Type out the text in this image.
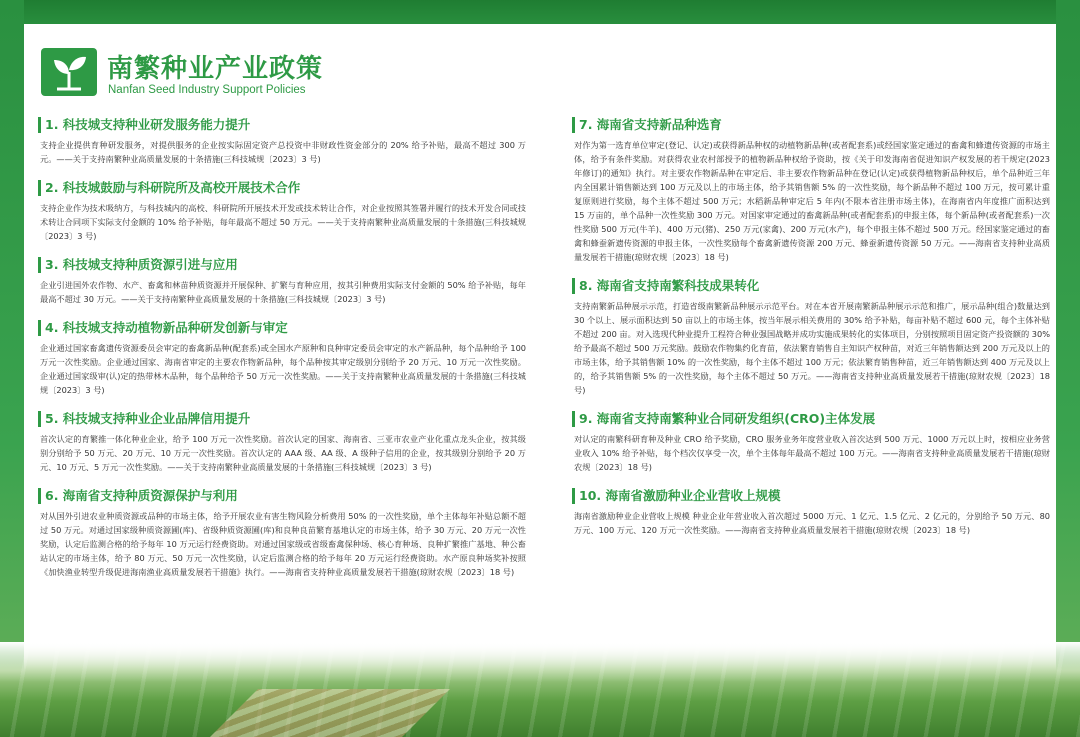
南繁种业产业政策
Nanfan Seed Industry Support Policies
1. 科技城支持种业研发服务能力提升
支持企业提供育种研发服务，对提供服务的企业按实际固定资产总投资中非财政性资金部分的 20% 给予补贴，最高不超过 300 万元。——关于支持南繁种业高质量发展的十条措施(三科技城规〔2023〕3 号)
2. 科技城鼓励与科研院所及高校开展技术合作
支持企业作为技术吸纳方，与科技城内的高校、科研院所开展技术开发或技术转让合作，对企业按照其签署并履行的技术开发合同或技术转让合同项下实际支付金额的 10% 给予补贴，每年最高不超过 50 万元。——关于支持南繁种业高质量发展的十条措施(三科技城规〔2023〕3 号)
3. 科技城支持种质资源引进与应用
企业引进国外农作物、水产、畜禽和林苗种质资源并开展保种、扩繁与育种应用，按其引种费用实际支付金额的 50% 给予补贴，每年最高不超过 30 万元。——关于支持南繁种业高质量发展的十条措施(三科技城规〔2023〕3 号)
4. 科技城支持动植物新品种研发创新与审定
企业通过国家畜禽遗传资源委员会审定的畜禽新品种(配套系)或全国水产原种和良种审定委员会审定的水产新品种，每个品种给予 100 万元一次性奖励。企业通过国家、海南省审定的主要农作物新品种，每个品种按其审定级别分别给予 20 万元、10 万元一次性奖励。企业通过国家级审(认)定的热带林木品种，每个品种给予 50 万元一次性奖励。——关于支持南繁种业高质量发展的十条措施(三科技城规〔2023〕3 号)
5. 科技城支持种业企业品牌信用提升
首次认定的育繁推一体化种业企业，给予 100 万元一次性奖励。首次认定的国家、海南省、三亚市农业产业化重点龙头企业，按其级别分别给予 50 万元、20 万元、10 万元一次性奖励。首次认定的 AAA 级、AA 级、A 级种子信用的企业，按其级别分别给予 20 万元、10 万元、5 万元一次性奖励。——关于支持南繁种业高质量发展的十条措施(三科技城规〔2023〕3 号)
6. 海南省支持种质资源保护与利用
对从国外引进农业种质资源或品种的市场主体，给予开展农业有害生物风险分析费用 50% 的一次性奖励，单个主体每年补贴总额不超过 50 万元。对通过国家级种质资源圃(库)、省级种质资源圃(库)和良种良苗繁育基地认定的市场主体，给予 30 万元、20 万元一次性奖励，认定后监测合格的给予每年 10 万元运行经费资助。对通过国家级或省级畜禽保种场、核心育种场、良种扩繁推广基地、种公畜站认定的市场主体，给予 80 万元、50 万元一次性奖励，认定后监测合格的给予每年 20 万元运行经费资助。水产原良种场奖补按照《加快渔业转型升级促进海南渔业高质量发展若干措施》执行。——海南省支持种业高质量发展若干措施(琼财农规〔2023〕18 号)
7. 海南省支持新品种选育
对作为第一选育单位审定(登记、认定)或获得新品种权的动植物新品种(或者配套系)或经国家鉴定通过的畜禽和蜂遗传资源的市场主体，给予有条件奖励。对获得农业农村部授予的植物新品种权给予资助，按《关于印发海南省促进知识产权发展的若干规定(2023 年修订)的通知》执行。对主要农作物新品种在审定后、非主要农作物新品种在登记(认定)或获得植物新品种权后，单个品种近三年内全国累计销售额达到 100 万元及以上的市场主体，给予其销售额 5% 的一次性奖励，每个新品种不超过 100 万元，按可累计重复原则进行奖励，每个主体不超过 500 万元；水稻新品种审定后 5 年内(不限本省注册市场主体)，在海南省内年度推广面积达到 15 万亩的，单个品种一次性奖励 300 万元。对国家审定通过的畜禽新品种(或者配套系)的申报主体，每个新品种(或者配套系)一次性奖励 500 万元(牛羊)、400 万元(猪)、250 万元(家禽)、200 万元(水产)，每个申报主体不超过 500 万元。经国家鉴定通过的畜禽和蜂蚕新遗传资源的申报主体，一次性奖励每个畜禽新遗传资源 200 万元、蜂蚕新遗传资源 50 万元。——海南省支持种业高质量发展若干措施(琼财农规〔2023〕18 号)
8. 海南省支持南繁科技成果转化
支持南繁新品种展示示范，打造省级南繁新品种展示示范平台。对在本省开展南繁新品种展示示范和推广，展示品种(组合)数量达到 30 个以上、展示面积达到 50 亩以上的市场主体，按当年展示相关费用的 30% 给予补贴，每亩补贴不超过 600 元，每个主体补贴不超过 200 亩。对入选现代种业提升工程符合种业强国战略并成功实施成果转化的实体项目，分别按照项目固定资产投资额的 30% 给予最高不超过 500 万元奖励。鼓励农作物集约化育苗，依法繁育销售自主知识产权种苗，对近三年销售额达到 200 万元及以上的市场主体，给予其销售额 10% 的一次性奖励，每个主体不超过 100 万元；依法繁育销售种苗，近三年销售额达到 400 万元及以上的，给予其销售额 5% 的一次性奖励，每个主体不超过 50 万元。——海南省支持种业高质量发展若干措施(琼财农规〔2023〕18 号)
9. 海南省支持南繁种业合同研发组织(CRO)主体发展
对认定的南繁科研育种及种业 CRO 给予奖励，CRO 服务业务年度营业收入首次达到 500 万元、1000 万元以上时，按相应业务营业收入 10% 给予补贴，每个档次仅享受一次，单个主体每年最高不超过 100 万元。——海南省支持种业高质量发展若干措施(琼财农规〔2023〕18 号)
10. 海南省激励种业企业营收上规模
海南省激励种业企业营收上规模 种业企业年营业收入首次超过 5000 万元、1 亿元、1.5 亿元、2 亿元的，分别给予 50 万元、80 万元、100 万元、120 万元一次性奖励。——海南省支持种业高质量发展若干措施(琼财农规〔2023〕18 号)
